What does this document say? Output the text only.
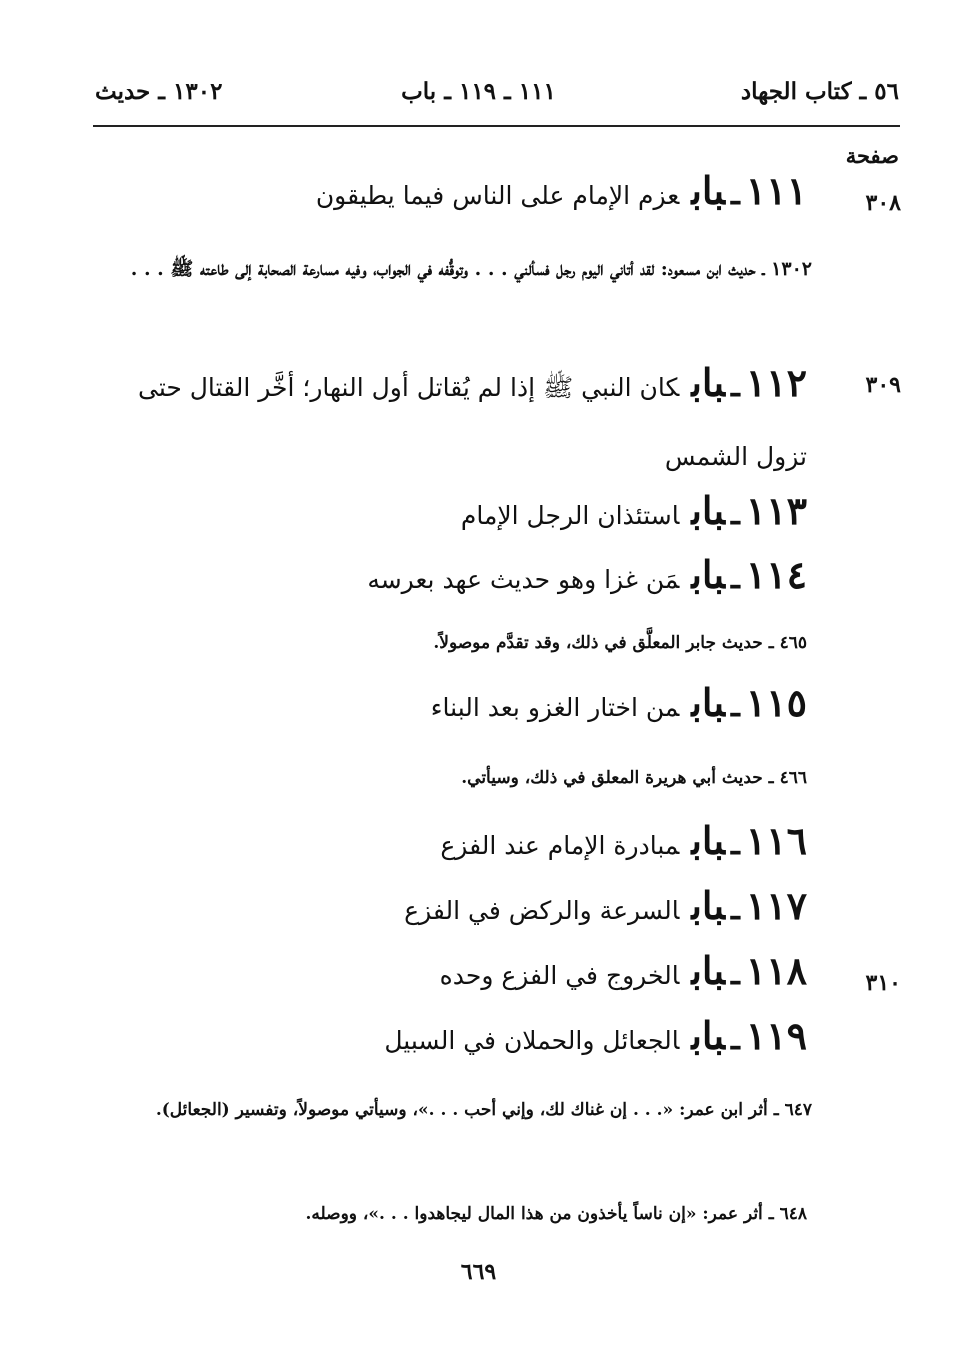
٥٦ ـ كتاب الجهاد
١١١ ـ ١١٩ ـ باب
١٣٠٢ ـ حديث
صفحة
٣٠٨
١١١ـبابعزم الإمام على الناس فيما يطيقون
١٣٠٢ ـ حديث ابن مسعود: لقد أتاني اليوم رجل فسألني . . . وتوقُّفه في الجواب، وفيه مسارعة الصحابة إلى طاعته ﷺ . . .
٣٠٩
١١٢ـبابكان النبي ﷺ إذا لم يُقاتل أول النهار؛ أخَّر القتال حتى تزول الشمس
١١٣ـباباستئذان الرجل الإمام
١١٤ـبابمَن غزا وهو حديث عهد بعرسه
٤٦٥ ـ حديث جابر المعلَّق في ذلك، وقد تقدَّم موصولاً.
١١٥ـبابمن اختار الغزو بعد البناء
٤٦٦ ـ حديث أبي هريرة المعلق في ذلك، وسيأتي.
١١٦ـبابمبادرة الإمام عند الفزع
١١٧ـبابالسرعة والركض في الفزع
٣١٠
١١٨ـبابالخروج في الفزع وحده
١١٩ـبابالجعائل والحملان في السبيل
٦٤٧ ـ أثر ابن عمر: «. . . إن غناك لك، وإني أحب . . .»، وسيأتي موصولاً، وتفسير (الجعائل).
٦٤٨ ـ أثر عمر: «إن ناساً يأخذون من هذا المال ليجاهدوا . . .»، ووصله.
٦٦٩
